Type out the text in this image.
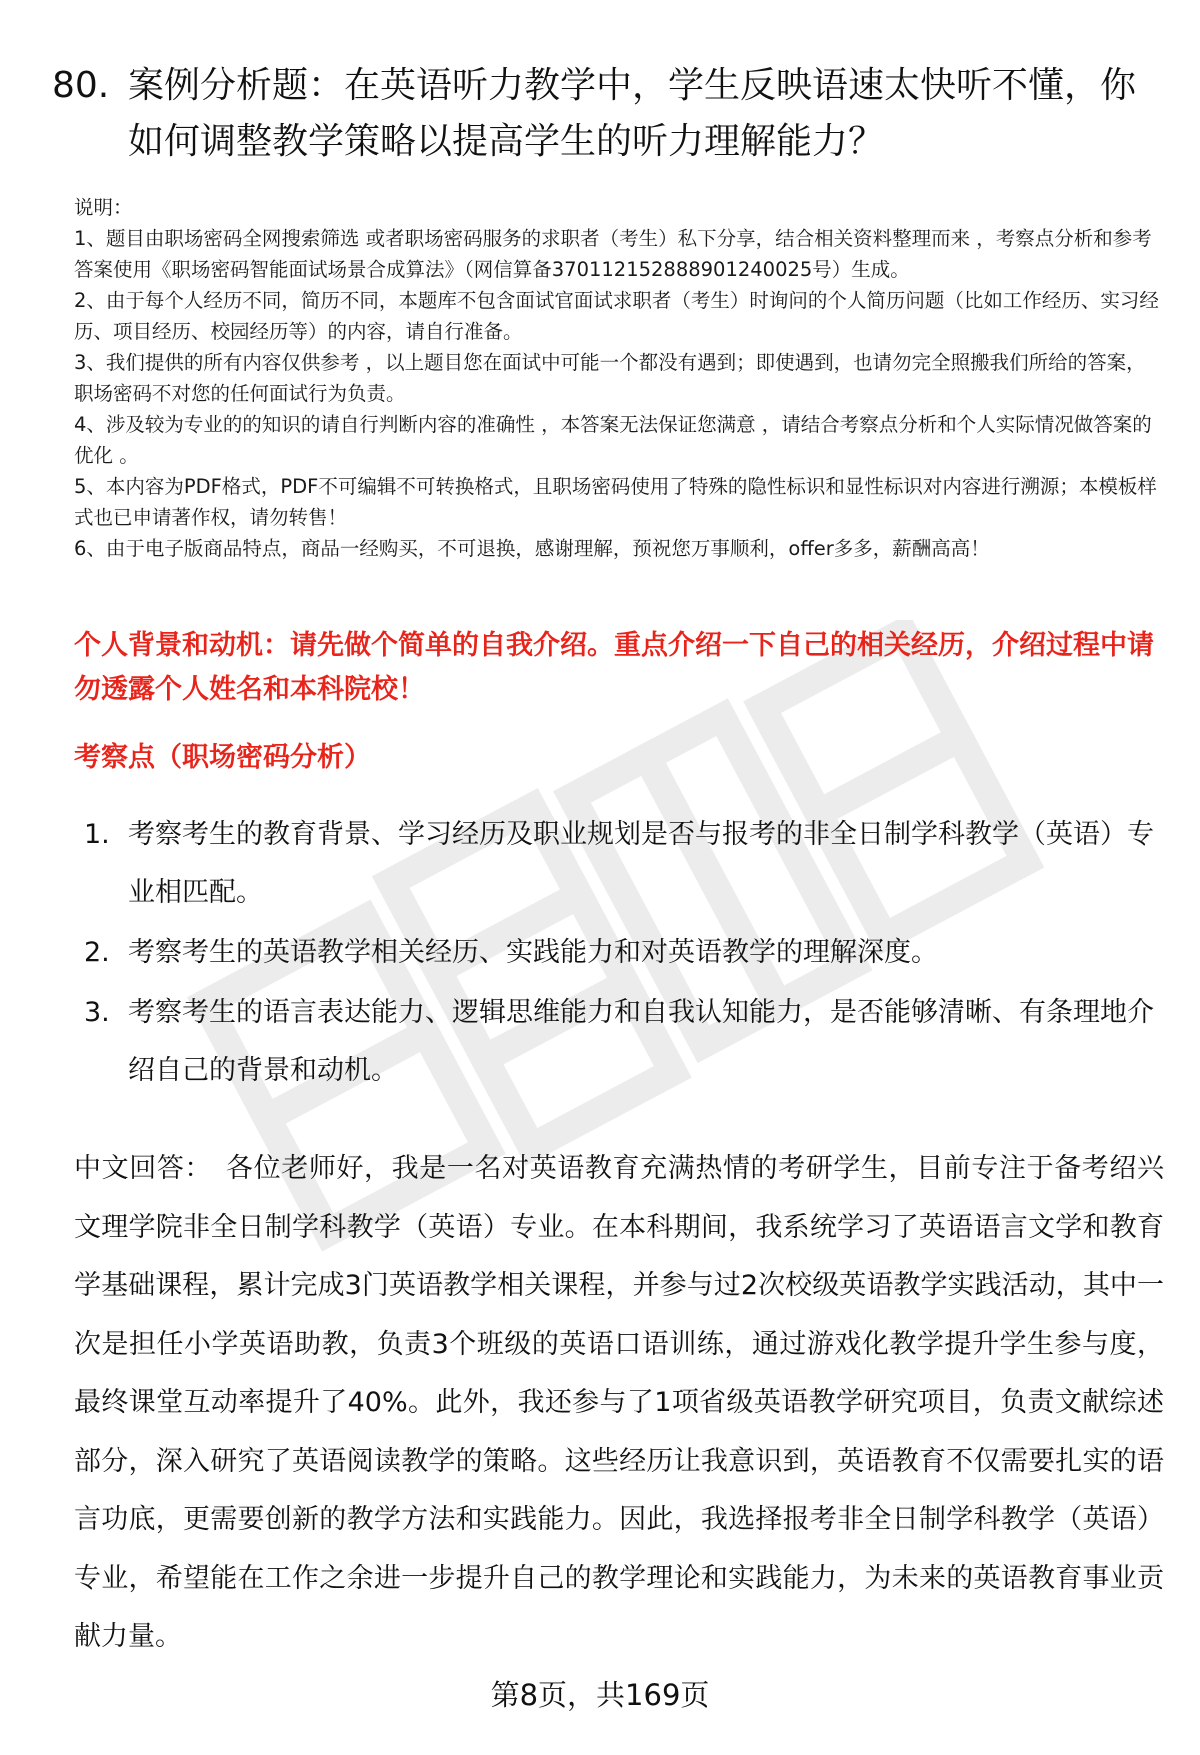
80. 案例分析题：在英语听力教学中，学生反映语速太快听不懂，你如何调整教学策略以提高学生的听力理解能力？

说明：

1、题目由职场密码全网搜索筛选 或者职场密码服务的求职者（考生）私下分享，结合相关资料整理而来 ，考察点分析和参考答案使用《职场密码智能面试场景合成算法》（网信算备370112152888901240025号）生成。

2、由于每个人经历不同，简历不同，本题库不包含面试官面试求职者（考生）时询问的个人简历问题（比如工作经历、实习经历、项目经历、校园经历等）的内容，请自行准备。

3、我们提供的所有内容仅供参考 ，以上题目您在面试中可能一个都没有遇到；即使遇到，也请勿完全照搬我们所给的答案，职场密码不对您的任何面试行为负责。

4、涉及较为专业的的知识的请自行判断内容的准确性 ，本答案无法保证您满意 ，请结合考察点分析和个人实际情况做答案的优化 。

5、本内容为PDF格式，PDF不可编辑不可转换格式，且职场密码使用了特殊的隐性标识和显性标识对内容进行溯源；本模板样式也已申请著作权，请勿转售！

6、由于电子版商品特点，商品一经购买，不可退换，感谢理解，预祝您万事顺利，offer多多，薪酬高高！

个人背景和动机：请先做个简单的自我介绍。重点介绍一下自己的相关经历，介绍过程中请勿透露个人姓名和本科院校！
考察点（职场密码分析）
1. 考察考生的教育背景、学习经历及职业规划是否与报考的非全日制学科教学（英语）专业相匹配。
2. 考察考生的英语教学相关经历、实践能力和对英语教学的理解深度。
3. 考察考生的语言表达能力、逻辑思维能力和自我认知能力，是否能够清晰、有条理地介绍自己的背景和动机。

中文回答： 各位老师好，我是一名对英语教育充满热情的考研学生，目前专注于备考绍兴文理学院非全日制学科教学（英语）专业。在本科期间，我系统学习了英语语言文学和教育学基础课程，累计完成3门英语教学相关课程，并参与过2次校级英语教学实践活动，其中一次是担任小学英语助教，负责3个班级的英语口语训练，通过游戏化教学提升学生参与度，最终课堂互动率提升了40%。此外，我还参与了1项省级英语教学研究项目，负责文献综述部分，深入研究了英语阅读教学的策略。这些经历让我意识到，英语教育不仅需要扎实的语言功底，更需要创新的教学方法和实践能力。因此，我选择报考非全日制学科教学（英语）专业，希望能在工作之余进一步提升自己的教学理论和实践能力，为未来的英语教育事业贡献力量。

第8页，共169页
